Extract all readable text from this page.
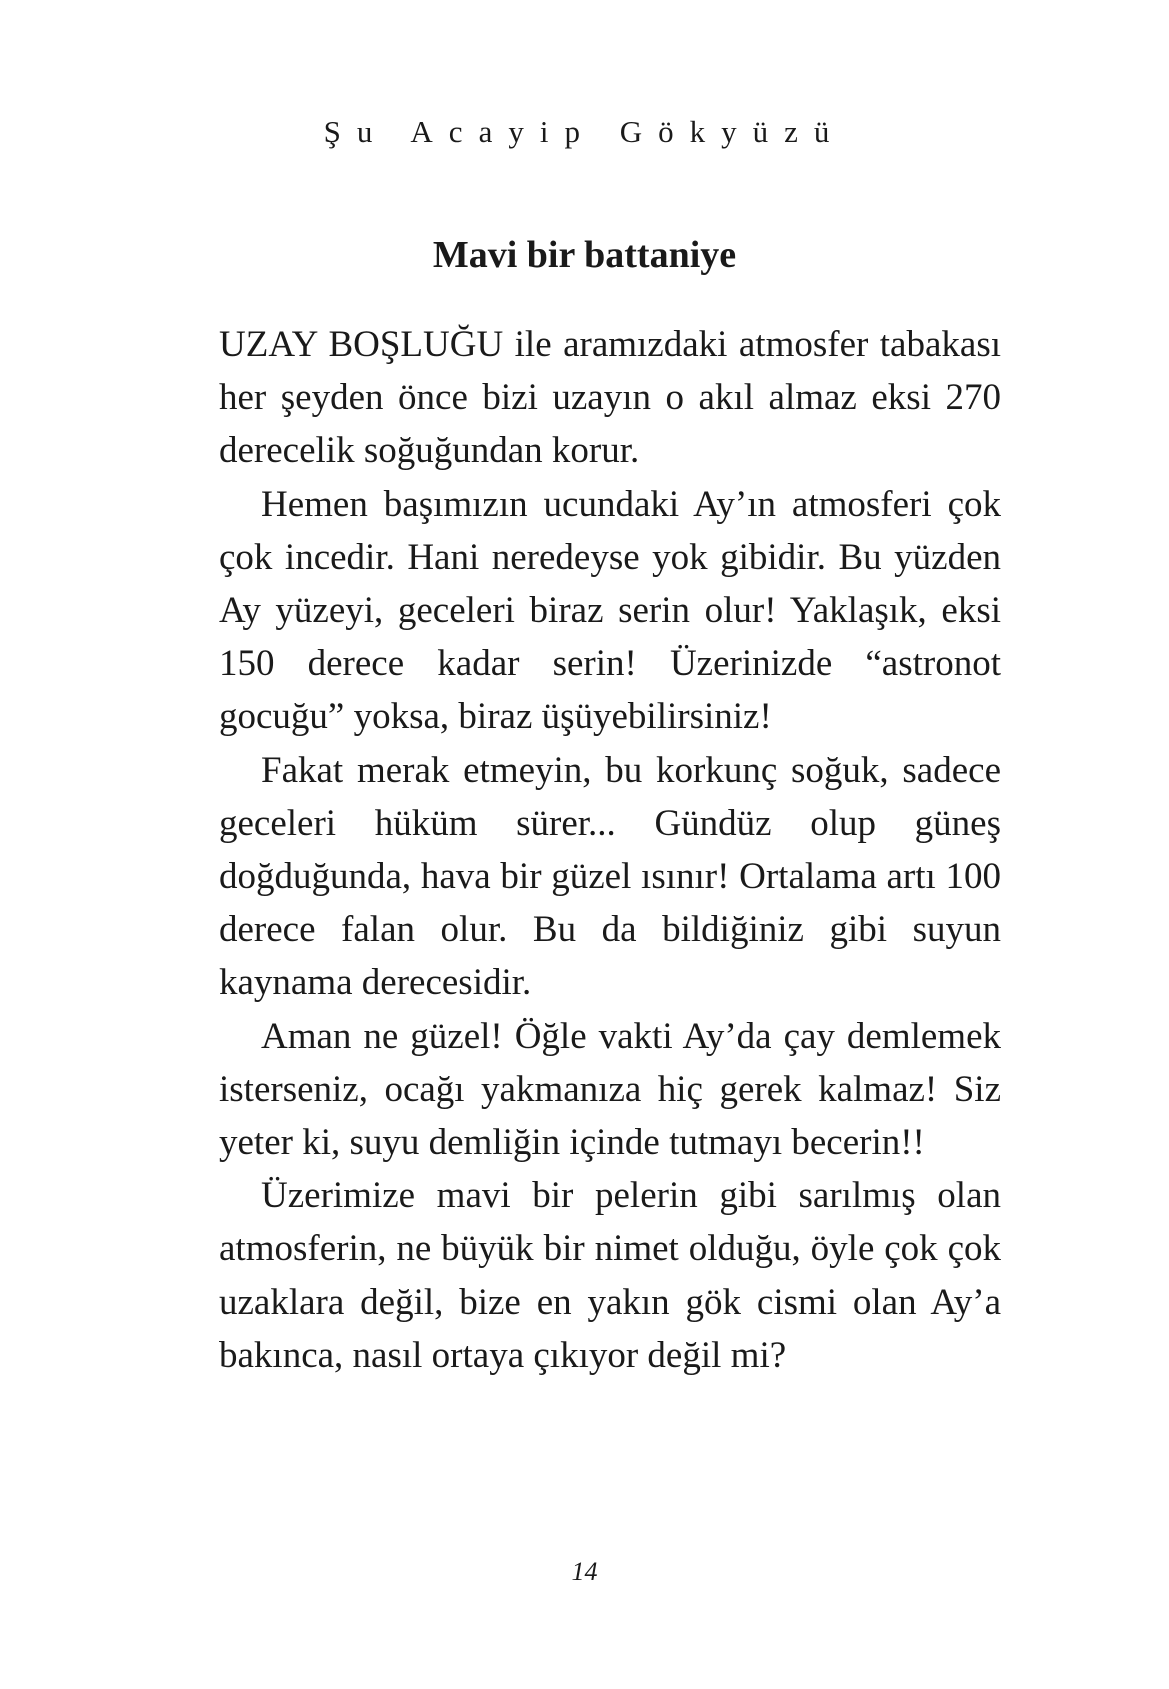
Şu Acayip Gökyüzü
Mavi bir battaniye

UZAY BOŞLUĞU ile aramızdaki atmosfer tabakası her şeyden önce bizi uzayın o akıl almaz eksi 270 derecelik soğuğundan korur.

Hemen başımızın ucundaki Ay’ın atmosferi çok çok incedir. Hani neredeyse yok gibidir. Bu yüzden Ay yüzeyi, geceleri biraz serin olur! Yaklaşık, eksi 150 derece kadar serin! Üzerinizde “astronot gocuğu” yoksa, biraz üşüyebilirsiniz!

Fakat merak etmeyin, bu korkunç soğuk, sadece geceleri hüküm sürer... Gündüz olup güneş doğduğunda, hava bir güzel ısınır! Ortalama artı 100 derece falan olur. Bu da bildiğiniz gibi suyun kaynama derecesidir.

Aman ne güzel! Öğle vakti Ay’da çay demlemek isterseniz, ocağı yakmanıza hiç gerek kalmaz! Siz yeter ki, suyu demliğin içinde tutmayı becerin!!

Üzerimize mavi bir pelerin gibi sarılmış olan atmosferin, ne büyük bir nimet olduğu, öyle çok çok uzaklara değil, bize en yakın gök cismi olan Ay’a bakınca, nasıl ortaya çıkıyor değil mi?

14
